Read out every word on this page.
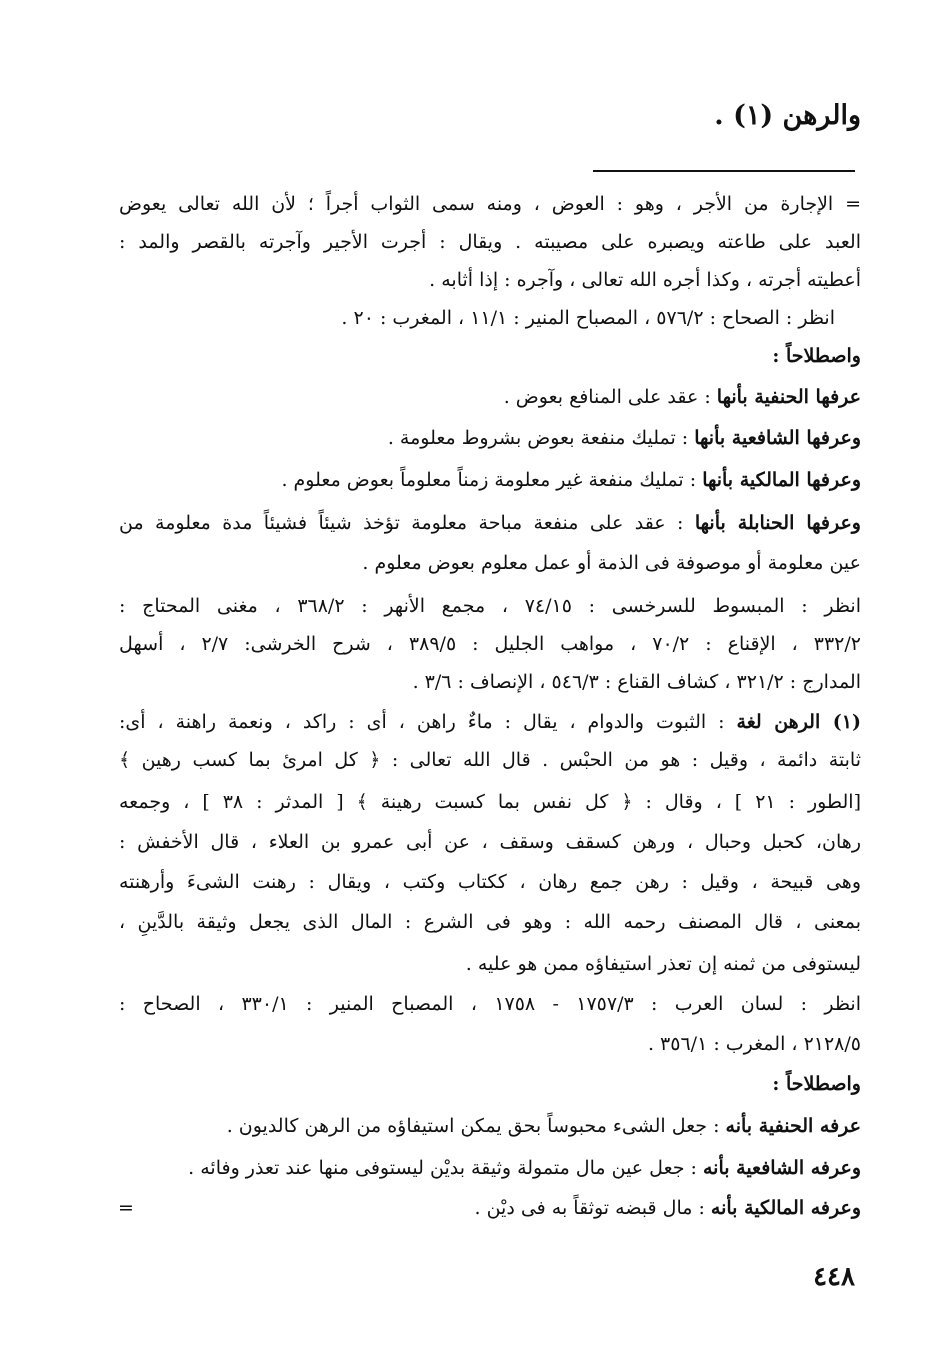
والرهن (١) .
= الإجارة من الأجر ، وهو : العوض ، ومنه سمى الثواب أجراً ؛ لأن الله تعالى يعوض
العبد على طاعته ويصبره على مصيبته . ويقال : أجرت الأجير وآجرته بالقصر والمد :
أعطيته أجرته ، وكذا أجره الله تعالى ، وآجره : إذا أثابه .
انظر : الصحاح : ٥٧٦/٢ ، المصباح المنير : ١١/١ ، المغرب : ٢٠ .
واصطلاحاً :
عرفها الحنفية بأنها : عقد على المنافع بعوض .
وعرفها الشافعية بأنها : تمليك منفعة بعوض بشروط معلومة .
وعرفها المالكية بأنها : تمليك منفعة غير معلومة زمناً معلوماً بعوض معلوم .
وعرفها الحنابلة بأنها : عقد على منفعة مباحة معلومة تؤخذ شيئاً فشيئاً مدة معلومة من
عين معلومة أو موصوفة فى الذمة أو عمل معلوم بعوض معلوم .
انظر : المبسوط للسرخسى : ٧٤/١٥ ، مجمع الأنهر : ٣٦٨/٢ ، مغنى المحتاج :
٣٣٢/٢ ، الإقناع : ٧٠/٢ ، مواهب الجليل : ٣٨٩/٥ ، شرح الخرشى: ٢/٧ ، أسهل
المدارج : ٣٢١/٢ ، كشاف القناع : ٥٤٦/٣ ، الإنصاف : ٣/٦ .
(١) الرهن لغة : الثبوت والدوام ، يقال : ماءٌ راهن ، أى : راكد ، ونعمة راهنة ، أى:
ثابتة دائمة ، وقيل : هو من الحبْس . قال الله تعالى : ﴿ كل امرئ بما كسب رهين ﴾
[الطور : ٢١ ] ، وقال : ﴿ كل نفس بما كسبت رهينة ﴾ [ المدثر : ٣٨ ] ، وجمعه
رهان، كحبل وحبال ، ورهن كسقف وسقف ، عن أبى عمرو بن العلاء ، قال الأخفش :
وهى قبيحة ، وقيل : رهن جمع رهان ، ككتاب وكتب ، ويقال : رهنت الشىءَ وأرهنته
بمعنى ، قال المصنف رحمه الله : وهو فى الشرع : المال الذى يجعل وثيقة بالدَّينِ ،
ليستوفى من ثمنه إن تعذر استيفاؤه ممن هو عليه .
انظر : لسان العرب : ١٧٥٧/٣ - ١٧٥٨ ، المصباح المنير : ٣٣٠/١ ، الصحاح :
٢١٢٨/٥ ، المغرب : ٣٥٦/١ .
واصطلاحاً :
عرفه الحنفية بأنه : جعل الشىء محبوساً بحق يمكن استيفاؤه من الرهن كالديون .
وعرفه الشافعية بأنه : جعل عين مال متمولة وثيقة بديْن ليستوفى منها عند تعذر وفائه .
وعرفه المالكية بأنه : مال قبضه توثقاً به فى ديْن .
=
٤٤٨
